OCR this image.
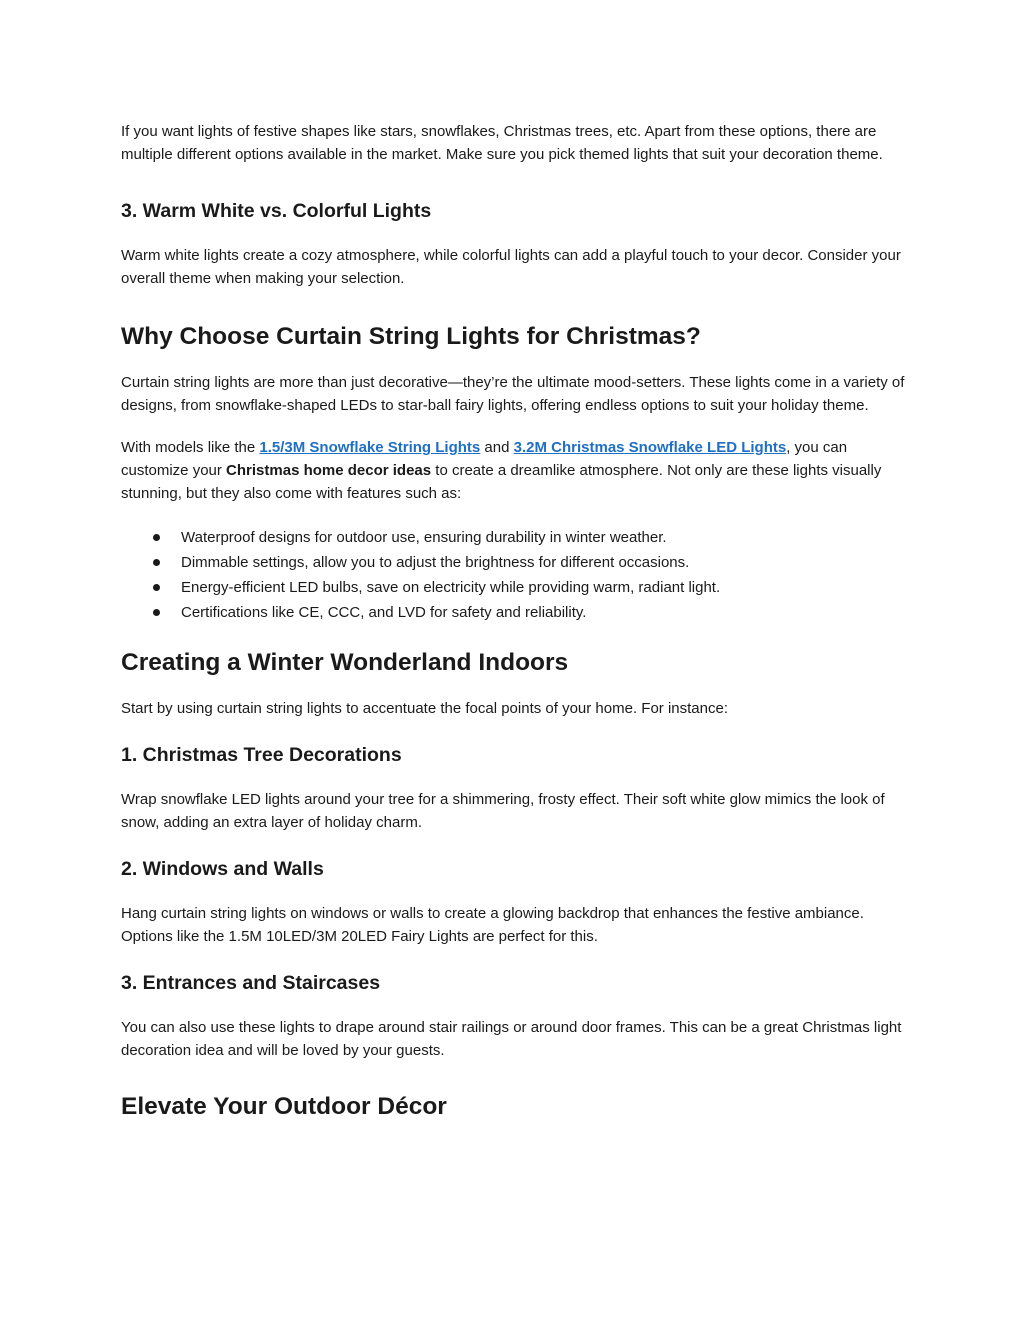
If you want lights of festive shapes like stars, snowflakes, Christmas trees, etc. Apart from these options, there are multiple different options available in the market. Make sure you pick themed lights that suit your decoration theme.

3. Warm White vs. Colorful Lights

Warm white lights create a cozy atmosphere, while colorful lights can add a playful touch to your decor. Consider your overall theme when making your selection.

Why Choose Curtain String Lights for Christmas?

Curtain string lights are more than just decorative—they’re the ultimate mood-setters. These lights come in a variety of designs, from snowflake-shaped LEDs to star-ball fairy lights, offering endless options to suit your holiday theme.

With models like the 1.5/3M Snowflake String Lights and 3.2M Christmas Snowflake LED Lights, you can customize your Christmas home decor ideas to create a dreamlike atmosphere. Not only are these lights visually stunning, but they also come with features such as:

Waterproof designs for outdoor use, ensuring durability in winter weather.
Dimmable settings, allow you to adjust the brightness for different occasions.
Energy-efficient LED bulbs, save on electricity while providing warm, radiant light.
Certifications like CE, CCC, and LVD for safety and reliability.
Creating a Winter Wonderland Indoors

Start by using curtain string lights to accentuate the focal points of your home. For instance:

1. Christmas Tree Decorations

Wrap snowflake LED lights around your tree for a shimmering, frosty effect. Their soft white glow mimics the look of snow, adding an extra layer of holiday charm.

2. Windows and Walls

Hang curtain string lights on windows or walls to create a glowing backdrop that enhances the festive ambiance. Options like the 1.5M 10LED/3M 20LED Fairy Lights are perfect for this.

3. Entrances and Staircases

You can also use these lights to drape around stair railings or around door frames. This can be a great Christmas light decoration idea and will be loved by your guests.

Elevate Your Outdoor Décor
